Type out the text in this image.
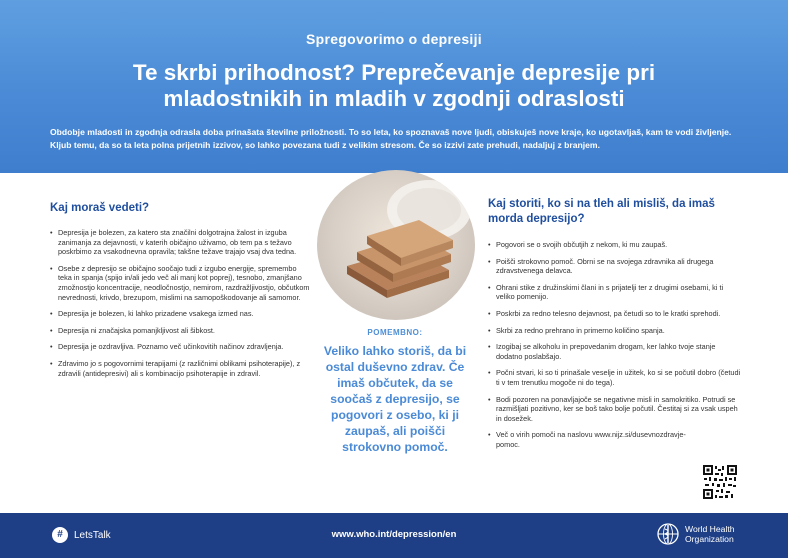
Spregovorimo o depresiji
Te skrbi prihodnost? Preprečevanje depresije pri
mladostnikih in mladih v zgodnji odraslosti
Obdobje mladosti in zgodnja odrasla doba prinašata številne priložnosti. To so leta, ko spoznavaš nove ljudi, obiskuješ nove kraje, ko ugotavljaš, kam te vodi življenje. Kljub temu, da so ta leta polna prijetnih izzivov, so lahko povezana tudi z velikim stresom. Če so izzivi zate prehudi, nadaljuj z branjem.
Kaj moraš vedeti?
• Depresija je bolezen, za katero sta značilni dolgotrajna žalost in izguba zanimanja za dejavnosti, v katerih običajno uživamo, ob tem pa s težavo poskrbimo za vsakodnevna opravila; takšne težave trajajo vsaj dva tedna.
• Osebe z depresijo se običajno soočajo tudi z izgubo energije, spremembo teka in spanja (spijo in/ali jedo več ali manj kot poprej), tesnobo, zmanjšano zmožnostjo koncentracije, neodločnostjo, nemirom, razdražljivostjo, občutkom nevrednosti, krivdo, brezupom, mislimi na samopoškodovanje ali samomor.
• Depresija je bolezen, ki lahko prizadene vsakega izmed nas.
• Depresija ni značajska pomanjkljivost ali šibkost.
• Depresija je ozdravljiva. Poznamo več učinkovitih načinov zdravljenja.
• Zdravimo jo s pogovornimi terapijami (z različnimi oblikami psihoterapije), z zdravili (antidepresivi) ali s kombinacijo psihoterapije in zdravil.
POMEMBNO:
Veliko lahko storiš, da bi ostal duševno zdrav. Če imaš občutek, da se soočaš z depresijo, se pogovori z osebo, ki ji zaupaš, ali poišči strokovno pomoč.
Kaj storiti, ko si na tleh ali misliš, da imaš morda depresijo?
• Pogovori se o svojih občutjih z nekom, ki mu zaupaš.
• Poišči strokovno pomoč. Obrni se na svojega zdravnika ali drugega zdravstvenega delavca.
• Ohrani stike z družinskimi člani in s prijatelji ter z drugimi osebami, ki ti veliko pomenijo.
• Poskrbi za redno telesno dejavnost, pa četudi so to le kratki sprehodi.
• Skrbi za redno prehrano in primerno količino spanja.
• Izogibaj se alkoholu in prepovedanim drogam, ker lahko tvoje stanje dodatno poslabšajo.
• Počni stvari, ki so ti prinašale veselje in užitek, ko si se počutil dobro (četudi ti v tem trenutku mogoče ni do tega).
• Bodi pozoren na ponavljajoče se negativne misli in samokritiko. Potrudi se razmišljati pozitivno, ker se boš tako bolje počutil. Čestitaj si za vsak uspeh in dosežek.
• Več o virih pomoči na naslovu www.nijz.si/dusevnozdravje-pomoc.
#	LetsTalk	www.who.int/depression/en	World Health
Organization
